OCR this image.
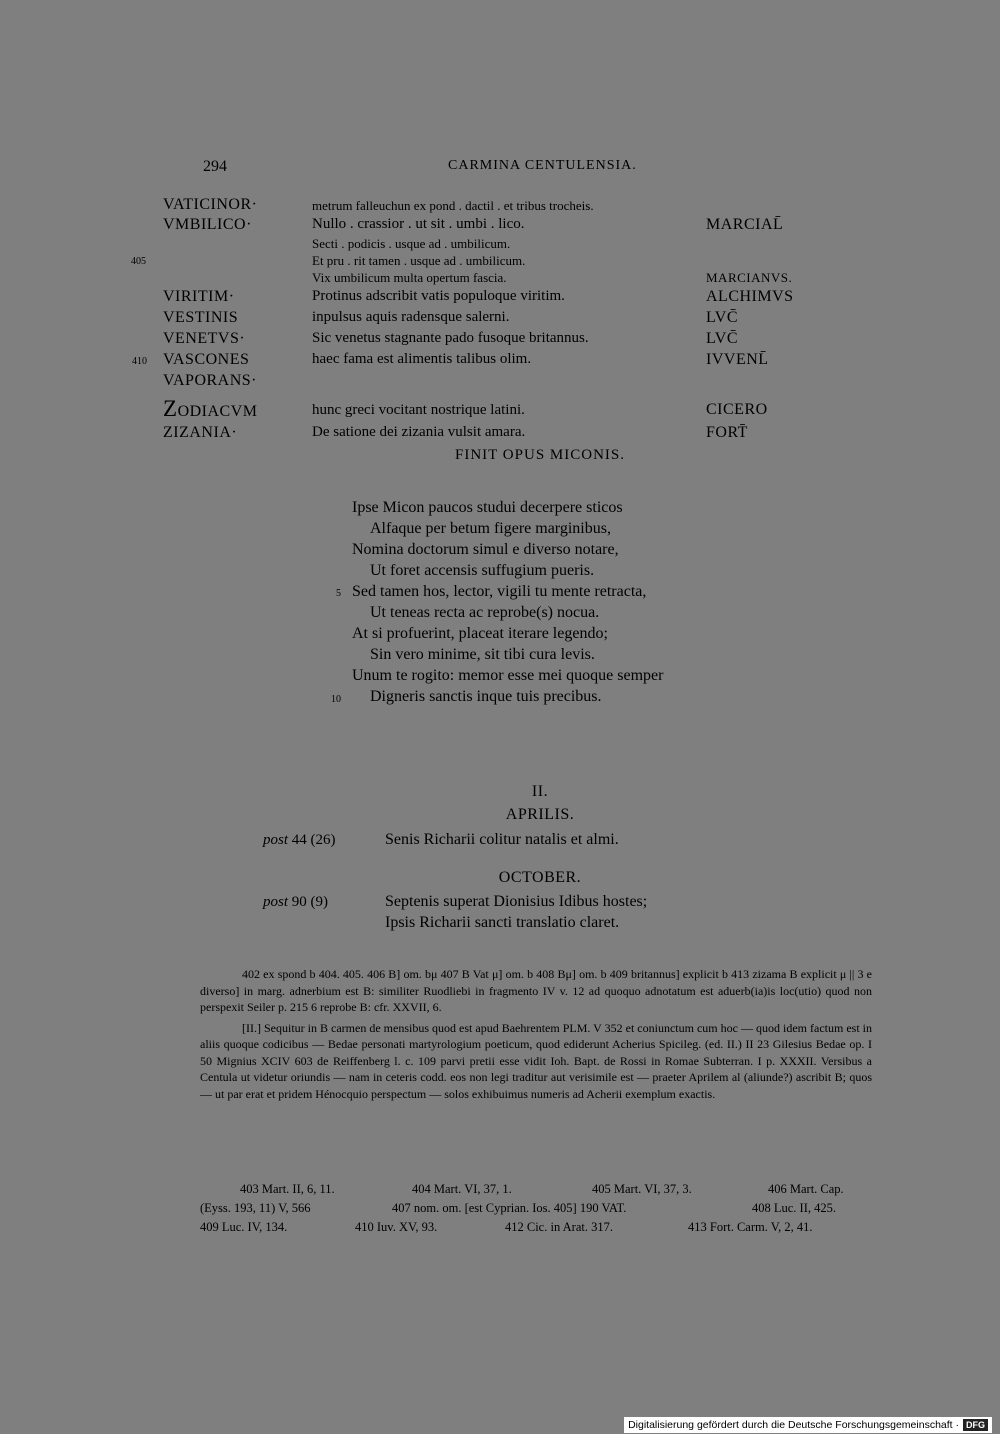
294	CARMINA CENTULENSIA.
VATICINOR·	metrum falleuchun ex pond . dactil . et tribus trocheis.
VMBILICO·	Nullo . crassior . ut sit . umbi . lico.	MARCIAL̄
Secti . podicis . usque ad . umbilicum.
405	Et pru . rit tamen . usque ad . umbilicum.
Vix umbilicum multa opertum fascia.	MARCIANVS.
VIRITIM·	Protinus adscribit vatis populoque viritim.	ALCHIMVS
VESTINIS	inpulsus aquis radensque salerni.	LVC̄
VENETVS·	Sic venetus stagnante pado fusoque britannus.	LVC̄
410 VASCONES	haec fama est alimentis talibus olim.	IVVENL̄
VAPORANS·
ZODIACVM	hunc greci vocitant nostrique latini.	CICERO
ZIZANIA·	De satione dei zizania vulsit amara.	FORT̄
FINIT OPUS MICONIS.
Ipse Micon paucos studui decerpere sticos
Alfaque per betum figere marginibus,
Nomina doctorum simul e diverso notare,
Ut foret accensis suffugium pueris.
5 Sed tamen hos, lector, vigili tu mente retracta,
Ut teneas recta ac reprobe(s) nocua.
At si profuerint, placeat iterare legendo;
Sin vero minime, sit tibi cura levis.
Unum te rogito: memor esse mei quoque semper
10 Digneris sanctis inque tuis precibus.
II.
APRILIS.
post 44 (26)	Senis Richarii colitur natalis et almi.
OCTOBER.
post 90 (9)	Septenis superat Dionisius Idibus hostes;
Ipsis Richarii sancti translatio claret.

402 ex spond b 404. 405. 406 B] om. bμ 407 B Vat μ] om. b 408 Bμ] om. b 409 britannus] explicit b 413 zizama B explicit μ || 3 e diverso] in marg. adnerbium est B: similiter Ruodliebi in fragmento IV v. 12 ad quoquo adnotatum est aduerb(ia)is loc(utio) quod non perspexit Seiler p. 215 6 reprobe B: cfr. XXVII, 6.

[II.] Sequitur in B carmen de mensibus quod est apud Baehrentem PLM. V 352 et coniunctum cum hoc — quod idem factum est in aliis quoque codicibus — Bedae personati martyrologium poeticum, quod ediderunt Acherius Spicileg. (ed. II.) II 23 Gilesius Bedae op. I 50 Mignius XCIV 603 de Reiffenberg l. c. 109 parvi pretii esse vidit Ioh. Bapt. de Rossi in Romae Subterran. I p. XXXII. Versibus a Centula ut videtur oriundis — nam in ceteris codd. eos non legi traditur aut verisimile est — praeter Aprilem al (aliunde?) ascribit B; quos — ut par erat et pridem Hénocquio perspectum — solos exhibuimus numeris ad Acherii exemplum exactis.

403 Mart. II, 6, 11.	404 Mart. VI, 37, 1.	405 Mart. VI, 37, 3.	406 Mart. Cap.
(Eyss. 193, 11) V, 566	407 nom. om. [est Cyprian. Ios. 405] 190 VAT.	408 Luc. II, 425.
409 Luc. IV, 134.	410 Iuv. XV, 93.	412 Cic. in Arat. 317.	413 Fort. Carm. V, 2, 41.
Digitalisierung gefördert durch die Deutsche Forschungsgemeinschaft · DFG
